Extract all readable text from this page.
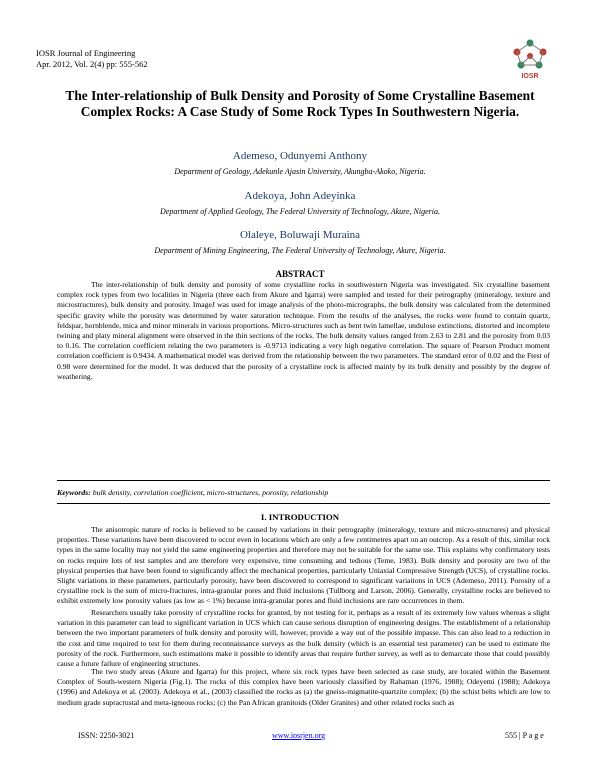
IOSR Journal of Engineering
Apr. 2012, Vol. 2(4) pp: 555-562
IOSR
The Inter-relationship of Bulk Density and Porosity of Some Crystalline Basement Complex Rocks: A Case Study of Some Rock Types In Southwestern Nigeria.
Ademeso, Odunyemi Anthony
Department of Geology, Adekunle Ajasin University, Akungba-Akoko, Nigeria.
Adekoya, John Adeyinka
Department of Applied Geology, The Federal University of Technology, Akure, Nigeria.
Olaleye, Boluwaji Muraina
Department of Mining Engineering, The Federal University of Technology, Akure, Nigeria.
ABSTRACT

The inter-relationship of bulk density and porosity of some crystalline rocks in southwestern Nigeria was investigated. Six crystalline basement complex rock types from two localities in Nigeria (three each from Akure and Igarra) were sampled and tested for their petrography (mineralogy, texture and microstructures), bulk density and porosity. ImageJ was used for image analysis of the photo-micrographs, the bulk density was calculated from the determined specific gravity while the porosity was determined by water saturation technique. From the results of the analyses, the rocks were found to contain quartz, feldspar, hornblende, mica and minor minerals in various proportions. Micro-structures such as bent twin lamellae, undulose extinctions, distorted and incomplete twining and platy mineral alignment were observed in the thin sections of the rocks. The bulk density values ranged from 2.63 to 2.81 and the porosity from 0.03 to 0.16. The correlation coefficient relating the two parameters is -0.9713 indicating a very high negative correlation. The square of Pearson Product moment correlation coefficient is 0.9434. A mathematical model was derived from the relationship between the two parameters. The standard error of 0.02 and the Ftest of 0.98 were determined for the model. It was deduced that the porosity of a crystalline rock is affected mainly by its bulk density and possibly by the degree of weathering.

Keywords: bulk density, correlation coefficient, micro-structures, porosity, relationship
I. INTRODUCTION

The anisotropic nature of rocks is believed to be caused by variations in their petrography (mineralogy, texture and micro-structures) and physical properties. These variations have been discovered to occur even in locations which are only a few centimetres apart on an outcrop. As a result of this, similar rock types in the same locality may not yield the same engineering properties and therefore may not be suitable for the same use. This explains why confirmatory tests on rocks require lots of test samples and are therefore very expensive, time consuming and tedious (Teme, 1983). Bulk density and porosity are two of the physical properties that have been found to significantly affect the mechanical properties, particularly Uniaxial Compressive Strength (UCS), of crystalline rocks. Slight variations in these parameters, particularly porosity, have been discovered to correspond to significant variations in UCS (Ademeso, 2011). Porosity of a crystalline rock is the sum of micro-fractures, intra-granular pores and fluid inclusions (Tullborg and Larson, 2006). Generally, crystalline rocks are believed to exhibit extremely low porosity values (as low as < 1%) because intra-granular pores and fluid inclusions are rare occurrences in them.

Researchers usually take porosity of crystalline rocks for granted, by not testing for it, perhaps as a result of its extremely low values whereas a slight variation in this parameter can lead to significant variation in UCS which can cause serious disruption of engineering designs. The establishment of a relationship between the two important parameters of bulk density and porosity will, however, provide a way out of the possible impasse. This can also lead to a reduction in the cost and time required to test for them during reconnaissance surveys as the bulk density (which is an essential test parameter) can be used to estimate the porosity of the rock. Furthermore, such estimations make it possible to identify areas that require further survey, as well as to demarcate those that could possibly cause a future failure of engineering structures.

The two study areas (Akure and Igarra) for this project, where six rock types have been selected as case study, are located within the Basement Complex of South-western Nigeria (Fig.1). The rocks of this complex have been variously classified by Rahaman (1976, 1988); Odeyemi (1988); Adekoya (1996) and Adekoya et al. (2003). Adekoya et al., (2003) classified the rocks as (a) the gneiss-migmatite-quartzite complex; (b) the schist belts which are low to medium grade supracrustal and meta-igneous rocks; (c) the Pan African granitoids (Older Granites) and other related rocks such as

ISSN: 2250-3021	www.iosrjen.org	555 | P a g e
